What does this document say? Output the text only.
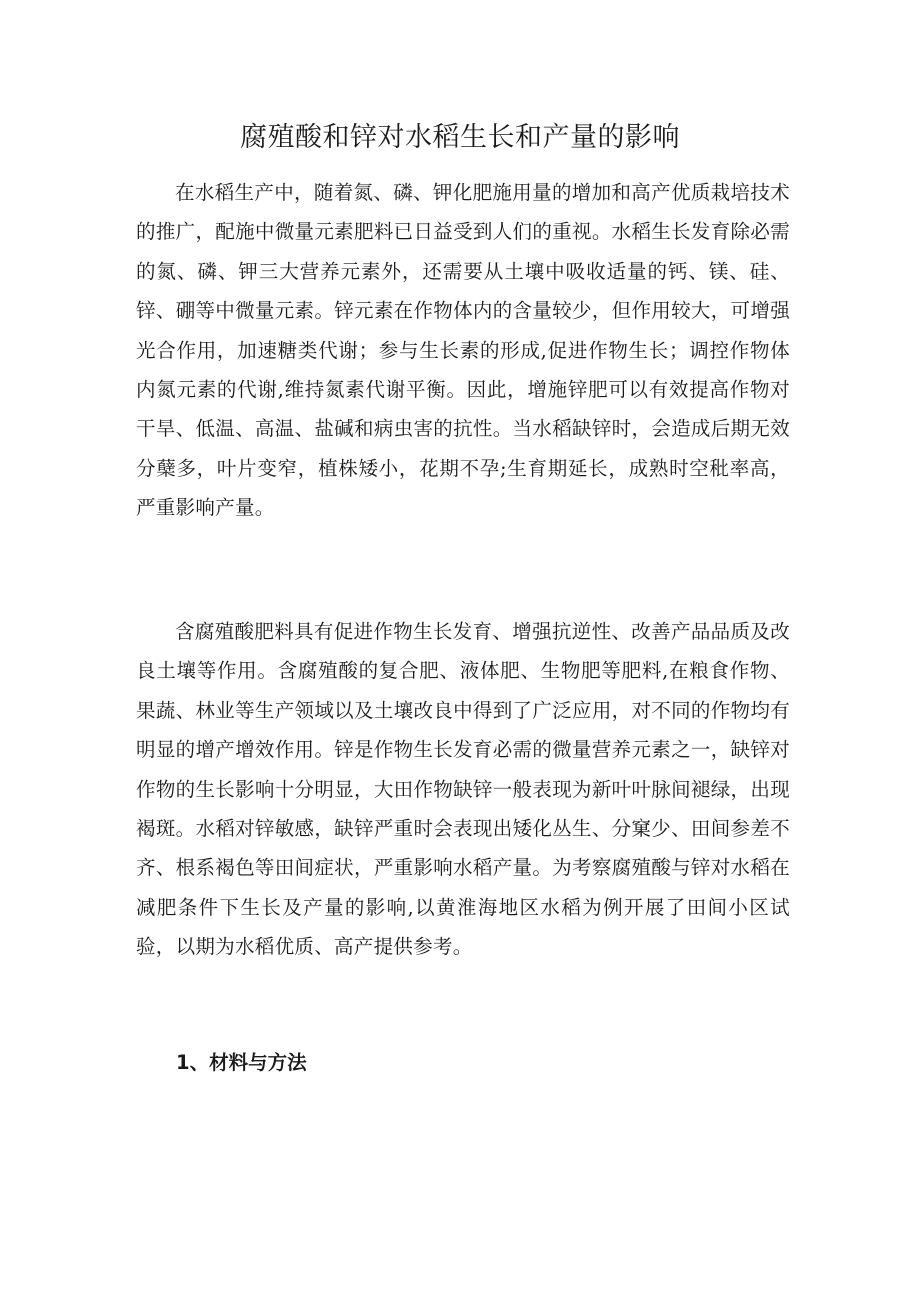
腐殖酸和锌对水稻生长和产量的影响

在水稻生产中，随着氮、磷、钾化肥施用量的增加和高产优质栽培技术的推广，配施中微量元素肥料已日益受到人们的重视。水稻生长发育除必需的氮、磷、钾三大营养元素外，还需要从土壤中吸收适量的钙、镁、硅、锌、硼等中微量元素。锌元素在作物体内的含量较少，但作用较大，可增强光合作用，加速糖类代谢；参与生长素的形成,促进作物生长；调控作物体内氮元素的代谢,维持氮素代谢平衡。因此，增施锌肥可以有效提高作物对干旱、低温、高温、盐碱和病虫害的抗性。当水稻缺锌时，会造成后期无效分蘖多，叶片变窄，植株矮小，花期不孕;生育期延长，成熟时空秕率高，严重影响产量。

含腐殖酸肥料具有促进作物生长发育、增强抗逆性、改善产品品质及改良土壤等作用。含腐殖酸的复合肥、液体肥、生物肥等肥料,在粮食作物、果蔬、林业等生产领域以及土壤改良中得到了广泛应用，对不同的作物均有明显的增产增效作用。锌是作物生长发育必需的微量营养元素之一，缺锌对作物的生长影响十分明显，大田作物缺锌一般表现为新叶叶脉间褪绿，出现褐斑。水稻对锌敏感，缺锌严重时会表现出矮化丛生、分窠少、田间参差不齐、根系褐色等田间症状，严重影响水稻产量。为考察腐殖酸与锌对水稻在减肥条件下生长及产量的影响,以黄淮海地区水稻为例开展了田间小区试验，以期为水稻优质、高产提供参考。

1、材料与方法
